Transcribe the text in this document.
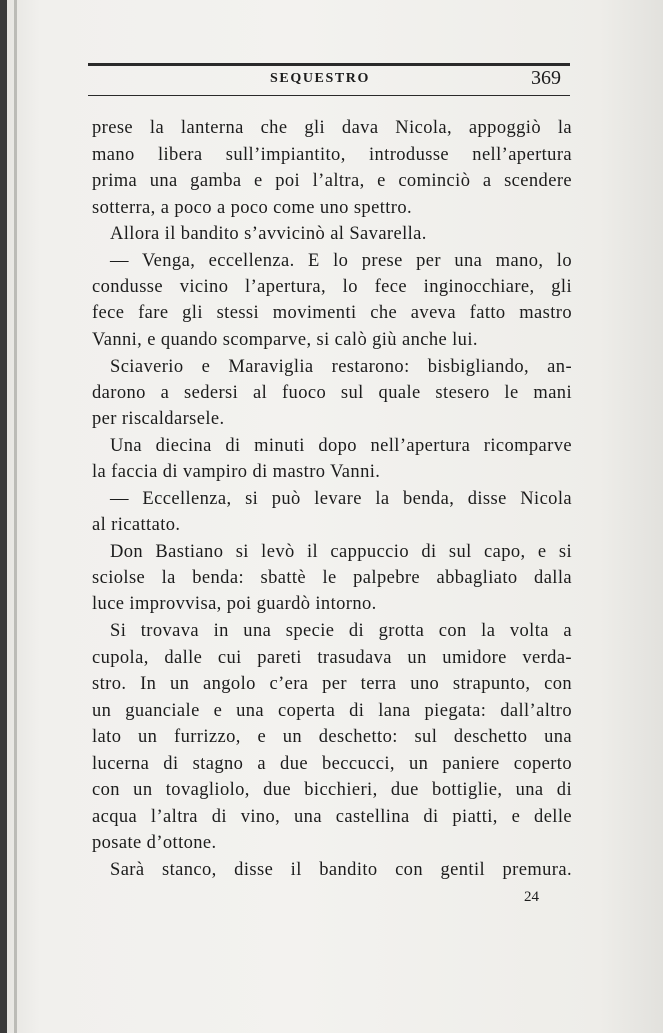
SEQUESTRO	369
prese la lanterna che gli dava Nicola, appoggiò la
mano libera sull’impiantito, introdusse nell’apertura
prima una gamba e poi l’altra, e cominciò a scendere
sotterra, a poco a poco come uno spettro.
Allora il bandito s’avvicinò al Savarella.
— Venga, eccellenza. E lo prese per una mano, lo
condusse vicino l’apertura, lo fece inginocchiare, gli
fece fare gli stessi movimenti che aveva fatto mastro
Vanni, e quando scomparve, si calò giù anche lui.
Sciaverio e Maraviglia restarono: bisbigliando, an-
darono a sedersi al fuoco sul quale stesero le mani
per riscaldarsele.
Una diecina di minuti dopo nell’apertura ricomparve
la faccia di vampiro di mastro Vanni.
— Eccellenza, si può levare la benda, disse Nicola
al ricattato.
Don Bastiano si levò il cappuccio di sul capo, e si
sciolse la benda: sbattè le palpebre abbagliato dalla
luce improvvisa, poi guardò intorno.
Si trovava in una specie di grotta con la volta a
cupola, dalle cui pareti trasudava un umidore verda-
stro. In un angolo c’era per terra uno strapunto, con
un guanciale e una coperta di lana piegata: dall’altro
lato un furrizzo, e un deschetto: sul deschetto una
lucerna di stagno a due beccucci, un paniere coperto
con un tovagliolo, due bicchieri, due bottiglie, una di
acqua l’altra di vino, una castellina di piatti, e delle
posate d’ottone.
Sarà stanco, disse il bandito con gentil premura.
24
